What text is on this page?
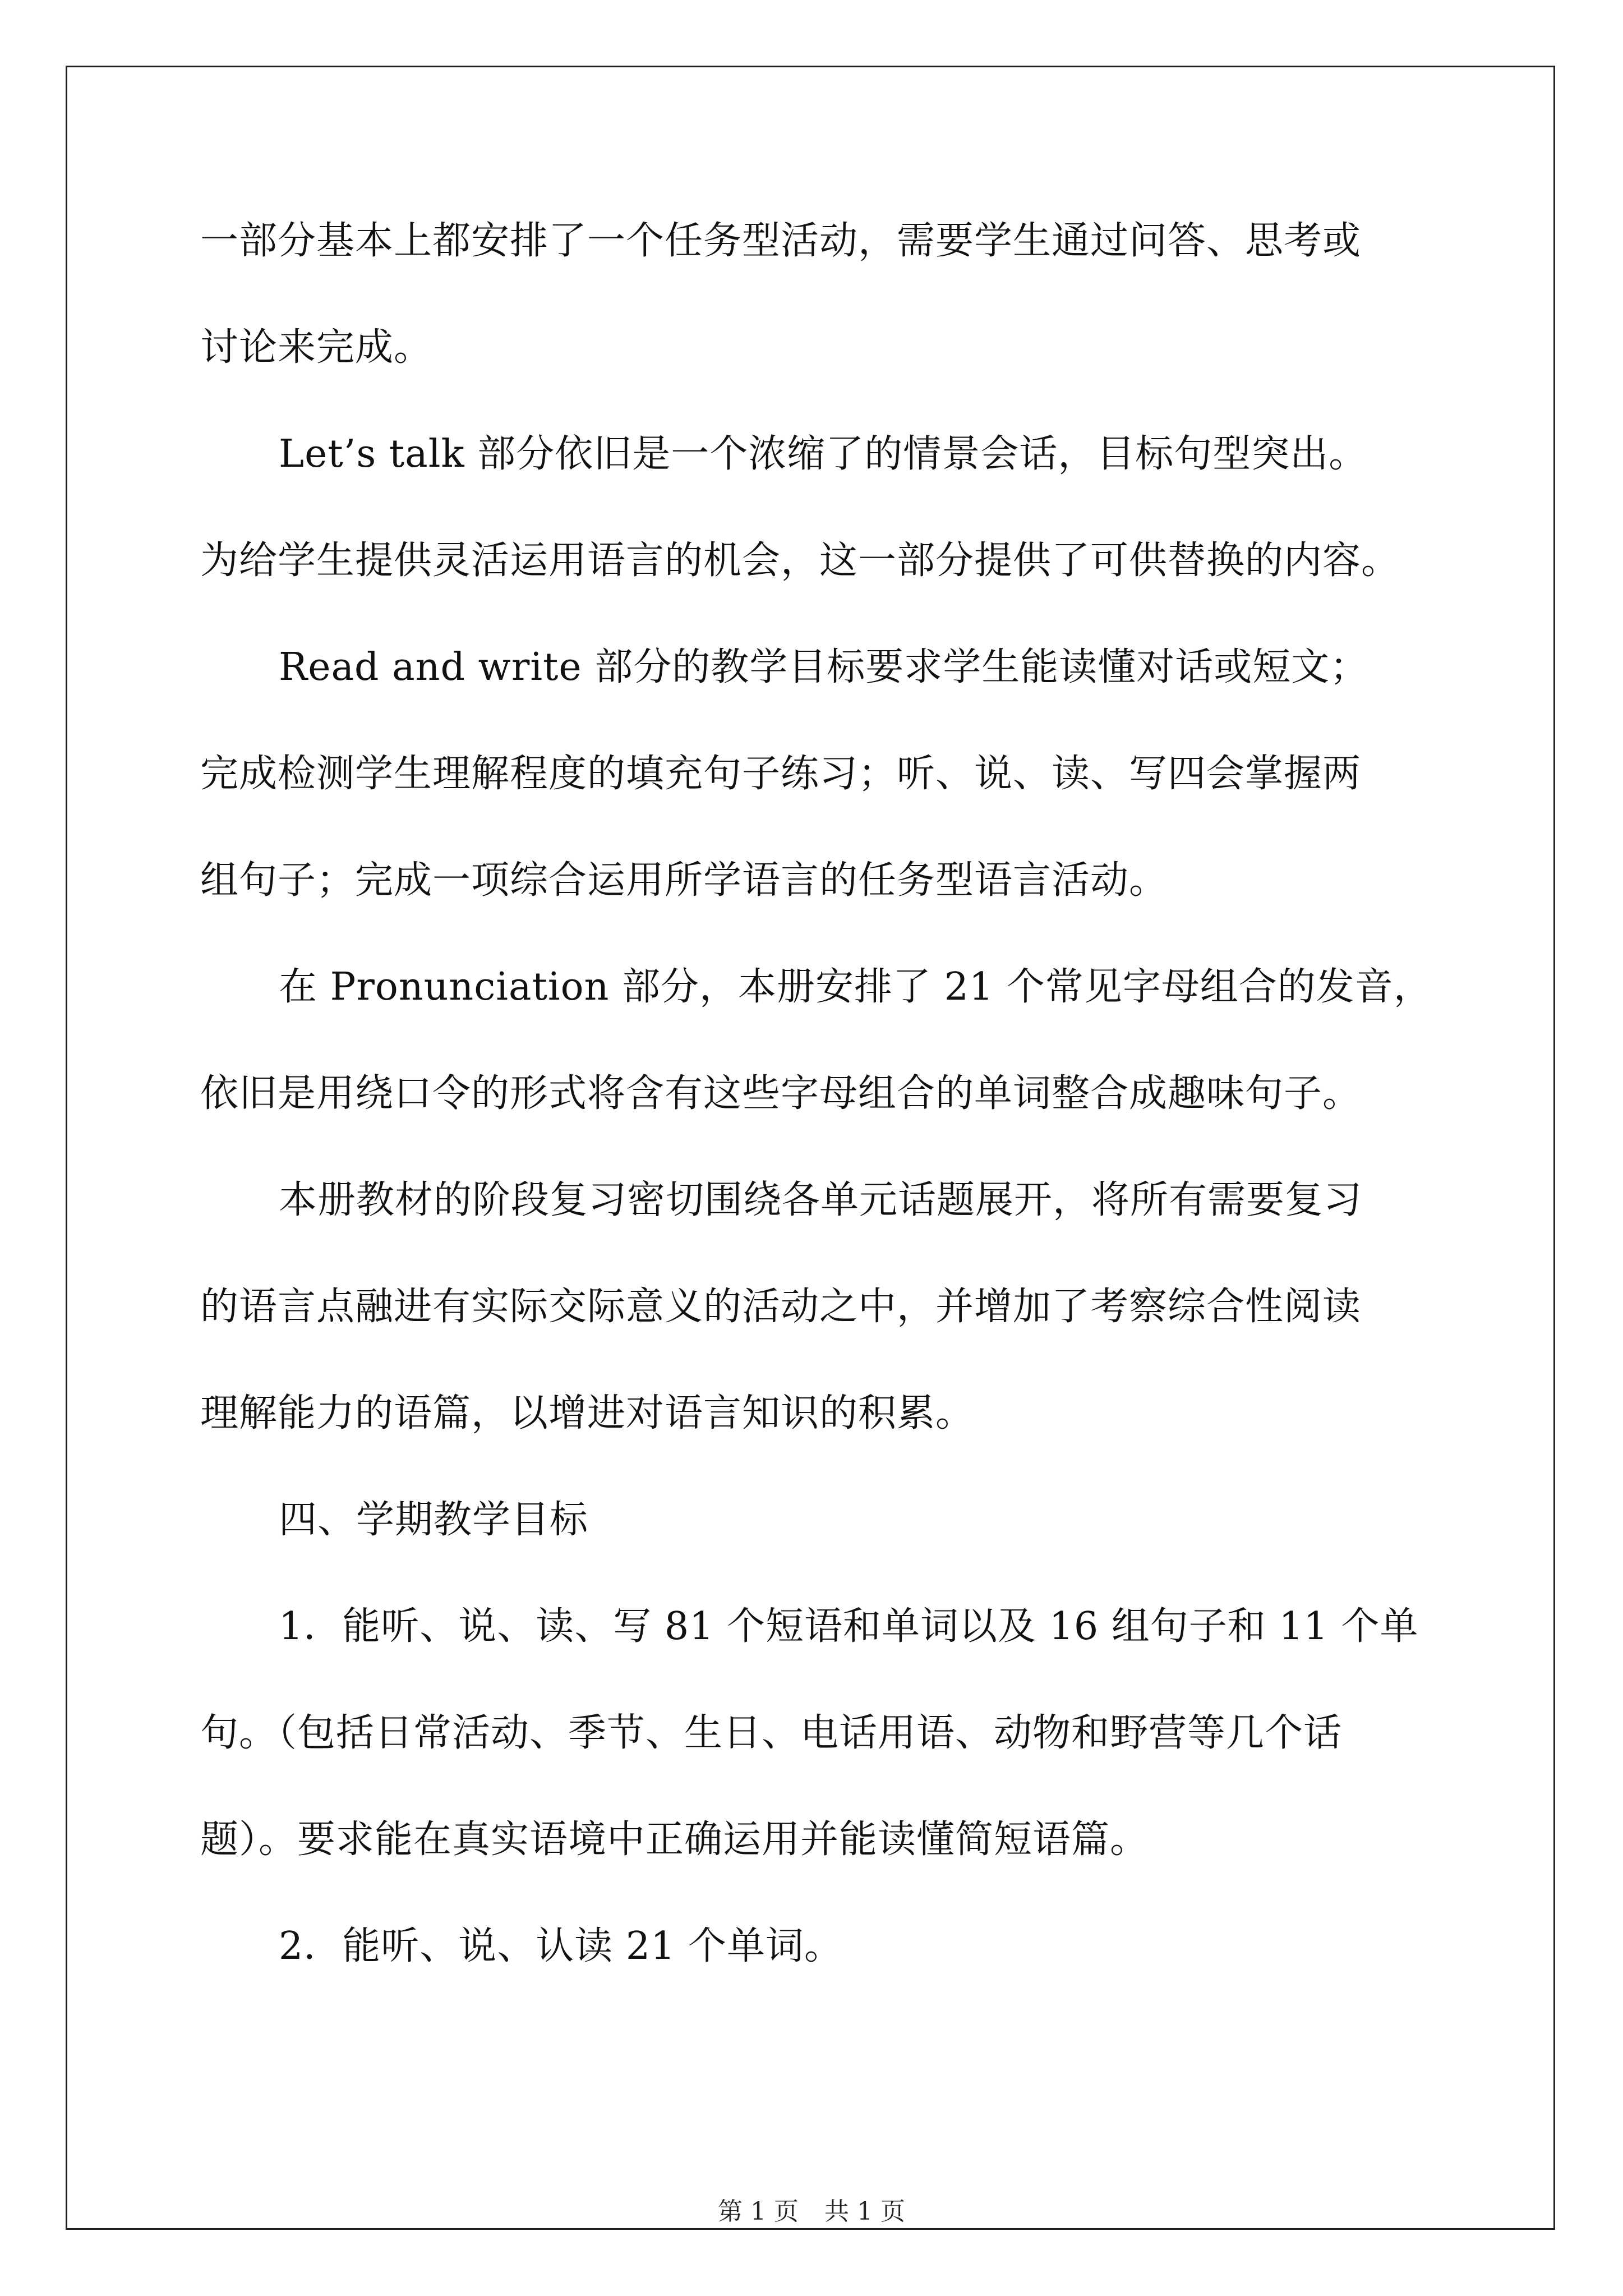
一部分基本上都安排了一个任务型活动，需要学生通过问答、思考或
讨论来完成。
Let’s talk 部分依旧是一个浓缩了的情景会话，目标句型突出。
为给学生提供灵活运用语言的机会，这一部分提供了可供替换的内容。
Read and write 部分的教学目标要求学生能读懂对话或短文；
完成检测学生理解程度的填充句子练习；听、说、读、写四会掌握两
组句子；完成一项综合运用所学语言的任务型语言活动。
在 Pronunciation 部分，本册安排了 21 个常见字母组合的发音，
依旧是用绕口令的形式将含有这些字母组合的单词整合成趣味句子。
本册教材的阶段复习密切围绕各单元话题展开，将所有需要复习
的语言点融进有实际交际意义的活动之中，并增加了考察综合性阅读
理解能力的语篇，以增进对语言知识的积累。
四、学期教学目标
1．能听、说、读、写 81 个短语和单词以及 16 组句子和 11 个单
句。（包括日常活动、季节、生日、电话用语、动物和野营等几个话
题）。要求能在真实语境中正确运用并能读懂简短语篇。
2．能听、说、认读 21 个单词。
第 1 页 共 1 页
